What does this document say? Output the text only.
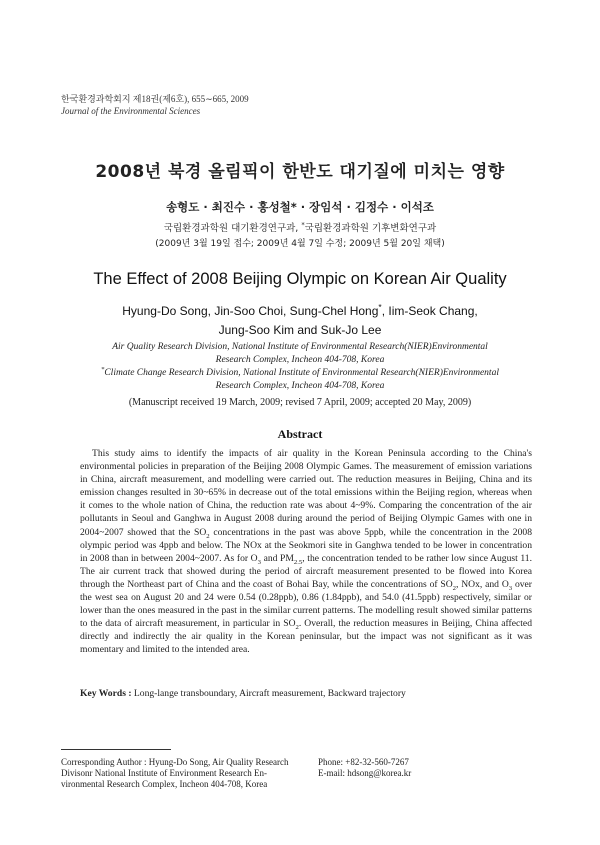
한국환경과학회지 제18권(제6호), 655∼665, 2009
Journal of the Environmental Sciences
2008년 북경 올림픽이 한반도 대기질에 미치는 영향
송형도 · 최진수 · 홍성철* · 장임석 · 김정수 · 이석조
국립환경과학원 대기환경연구과, *국립환경과학원 기후변화연구과
(2009년 3월 19일 접수; 2009년 4월 7일 수정; 2009년 5월 20일 채택)
The Effect of 2008 Beijing Olympic on Korean Air Quality
Hyung-Do Song, Jin-Soo Choi, Sung-Chel Hong*, Iim-Seok Chang,
Jung-Soo Kim and Suk-Jo Lee
Air Quality Research Division, National Institute of Environmental Research(NIER)Environmental
Research Complex, Incheon 404-708, Korea
*Climate Change Research Division, National Institute of Environmental Research(NIER)Environmental
Research Complex, Incheon 404-708, Korea
(Manuscript received 19 March, 2009; revised 7 April, 2009; accepted 20 May, 2009)
Abstract

This study aims to identify the impacts of air quality in the Korean Peninsula according to the China's environmental policies in preparation of the Beijing 2008 Olympic Games. The measurement of emission variations in China, aircraft measurement, and modelling were carried out. The reduction measures in Beijing, China and its emission changes resulted in 30~65% in decrease out of the total emissions within the Beijing region, whereas when it comes to the whole nation of China, the reduction rate was about 4~9%. Comparing the concentration of the air pollutants in Seoul and Ganghwa in August 2008 during around the period of Beijing Olympic Games with one in 2004~2007 showed that the $SO_2$ concentrations in the past was above 5ppb, while the concentration in the 2008 olympic period was 4ppb and below. The NOx at the Seokmori site in Ganghwa tended to be lower in concentration in 2008 than in between 2004~2007. As for $O_3$ and $PM_{2.5}$, the concentration tended to be rather low since August 11. The air current track that showed during the period of aircraft measurement presented to be flowed into Korea through the Northeast part of China and the coast of Bohai Bay, while the concentrations of $SO_2$, NOx, and $O_3$ over the west sea on August 20 and 24 were 0.54 (0.28ppb), 0.86 (1.84ppb), and 54.0 (41.5ppb) respectively, similar or lower than the ones measured in the past in the similar current patterns. The modelling result showed similar patterns to the data of aircraft measurement, in particular in $SO_2$. Overall, the reduction measures in Beijing, China affected directly and indirectly the air quality in the Korean peninsular, but the impact was not significant as it was momentary and limited to the intended area.

Key Words : Long-lange transboundary, Aircraft measurement, Backward trajectory
Corresponding Author : Hyung-Do Song, Air Quality Research
Divisonr National Institute of Environment Research En-
vironmental Research Complex, Incheon 404-708, Korea
Phone: +82-32-560-7267
E-mail: hdsong@korea.kr
